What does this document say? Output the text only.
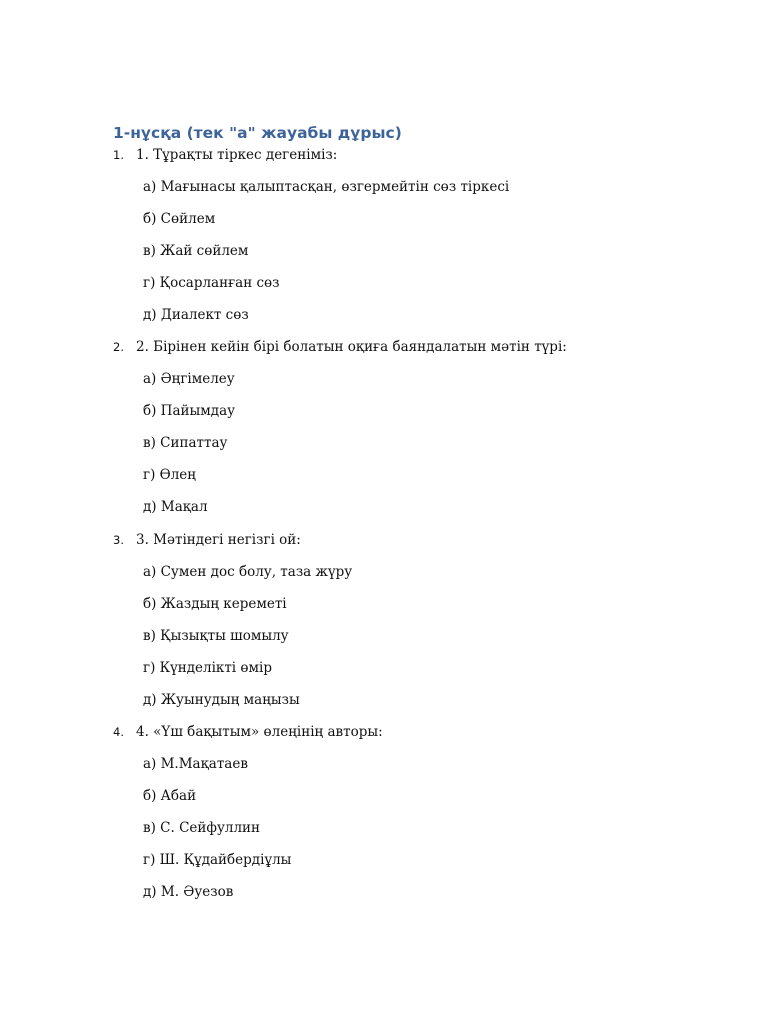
1-нұсқа (тек "а" жауабы дұрыс)
1. 1. Тұрақты тіркес дегеніміз:
а) Мағынасы қалыптасқан, өзгермейтін сөз тіркесі
б) Сөйлем
в) Жай сөйлем
г) Қосарланған сөз
д) Диалект сөз
2. 2. Бірінен кейін бірі болатын оқиға баяндалатын мәтін түрі:
а) Әңгімелеу
б) Пайымдау
в) Сипаттау
г) Өлең
д) Мақал
3. 3. Мәтіндегі негізгі ой:
а) Сумен дос болу, таза жүру
б) Жаздың кереметі
в) Қызықты шомылу
г) Күнделікті өмір
д) Жуынудың маңызы
4. 4. «Үш бақытым» өлеңінің авторы:
а) М.Мақатаев
б) Абай
в) С. Сейфуллин
г) Ш. Құдайбердіұлы
д) М. Әуезов
